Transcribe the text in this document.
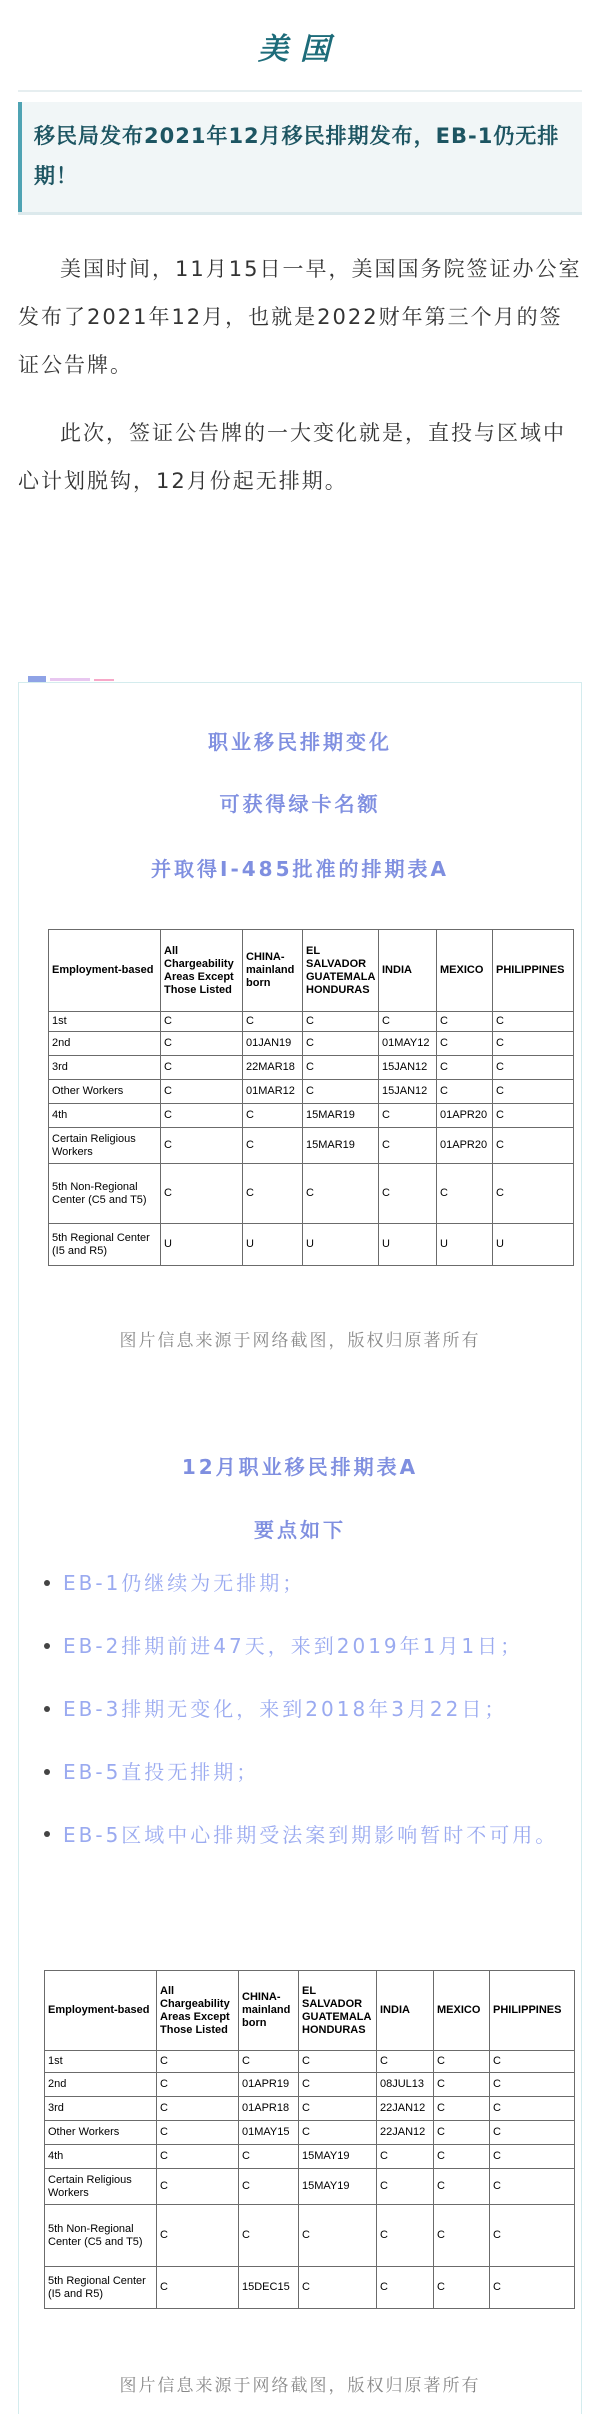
美国
移民局发布2021年12月移民排期发布，EB-1仍无排期！

美国时间，11月15日一早，美国国务院签证办公室发布了2021年12月，也就是2022财年第三个月的签证公告牌。

此次，签证公告牌的一大变化就是，直投与区域中心计划脱钩，12月份起无排期。

职业移民排期变化
可获得绿卡名额
并取得I-485批准的排期表A
Employment-based	All Chargeability Areas Except Those Listed	CHINA-mainland born	EL SALVADOR GUATEMALA HONDURAS	INDIA	MEXICO	PHILIPPINES
1st	C	C	C	C	C	C
2nd	C	01JAN19	C	01MAY12	C	C
3rd	C	22MAR18	C	15JAN12	C	C
Other Workers	C	01MAR12	C	15JAN12	C	C
4th	C	C	15MAR19	C	01APR20	C
Certain Religious Workers	C	C	15MAR19	C	01APR20	C
5th Non-Regional Center (C5 and T5)	C	C	C	C	C	C
5th Regional Center (I5 and R5)	U	U	U	U	U	U
图片信息来源于网络截图，版权归原著所有
12月职业移民排期表A
要点如下
EB-1仍继续为无排期；
EB-2排期前进47天，来到2019年1月1日；
EB-3排期无变化，来到2018年3月22日；
EB-5直投无排期；
EB-5区域中心排期受法案到期影响暂时不可用。
Employment-based	All Chargeability Areas Except Those Listed	CHINA-mainland born	EL SALVADOR GUATEMALA HONDURAS	INDIA	MEXICO	PHILIPPINES
1st	C	C	C	C	C	C
2nd	C	01APR19	C	08JUL13	C	C
3rd	C	01APR18	C	22JAN12	C	C
Other Workers	C	01MAY15	C	22JAN12	C	C
4th	C	C	15MAY19	C	C	C
Certain Religious Workers	C	C	15MAY19	C	C	C
5th Non-Regional Center (C5 and T5)	C	C	C	C	C	C
5th Regional Center (I5 and R5)	C	15DEC15	C	C	C	C
图片信息来源于网络截图，版权归原著所有
